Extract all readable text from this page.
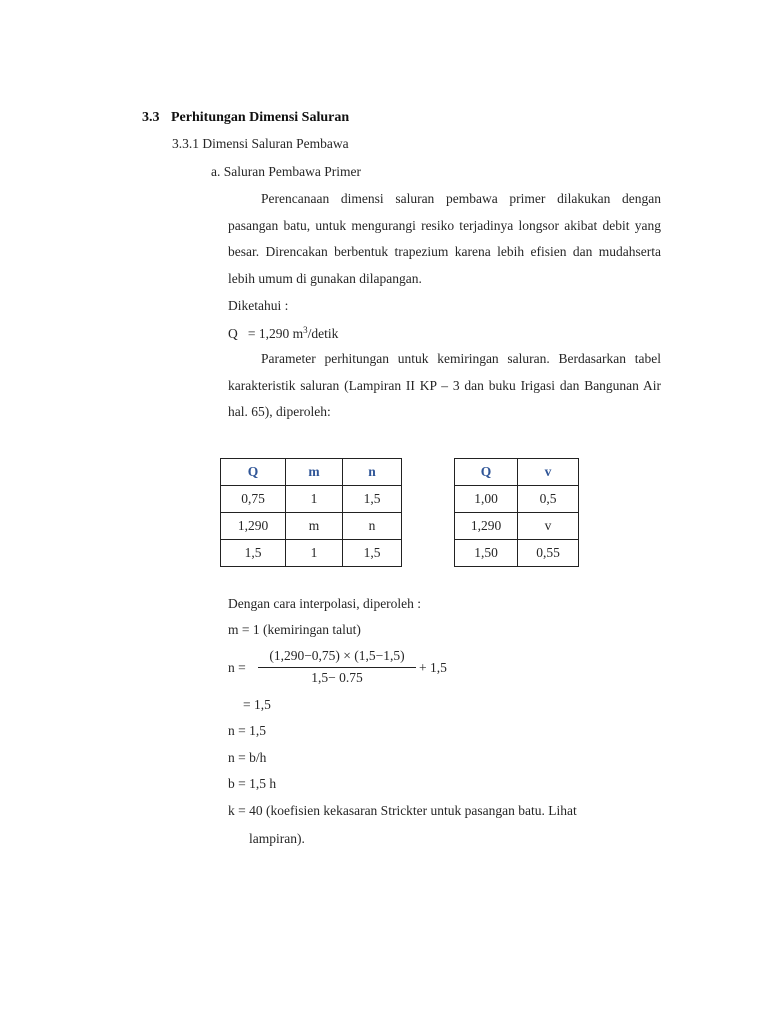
3.3 Perhitungan Dimensi Saluran
3.3.1 Dimensi Saluran Pembawa
a. Saluran Pembawa Primer
Perencanaan dimensi saluran pembawa primer dilakukan dengan pasangan batu, untuk mengurangi resiko terjadinya longsor akibat debit yang besar. Direncakan berbentuk trapezium karena lebih efisien dan mudahserta lebih umum di gunakan dilapangan.
Diketahui :
Q = 1,290 $m^3$/detik
Parameter perhitungan untuk kemiringan saluran. Berdasarkan tabel karakteristik saluran (Lampiran II KP – 3 dan buku Irigasi dan Bangunan Air hal. 65), diperoleh:
Q	m	n
0,75	1	1,5
1,290	m	n
1,5	1	1,5
Q	v
1,00	0,5
1,290	v
1,50	0,55
Dengan cara interpolasi, diperoleh :
m = 1 (kemiringan talut)
n =
(1,290−0,75) × (1,5−1,5)
1,5− 0.75
+ 1,5
= 1,5
n = 1,5
n = b/h
b = 1,5 h
k = 40 (koefisien kekasaran Strickter untuk pasangan batu. Lihat
lampiran).
